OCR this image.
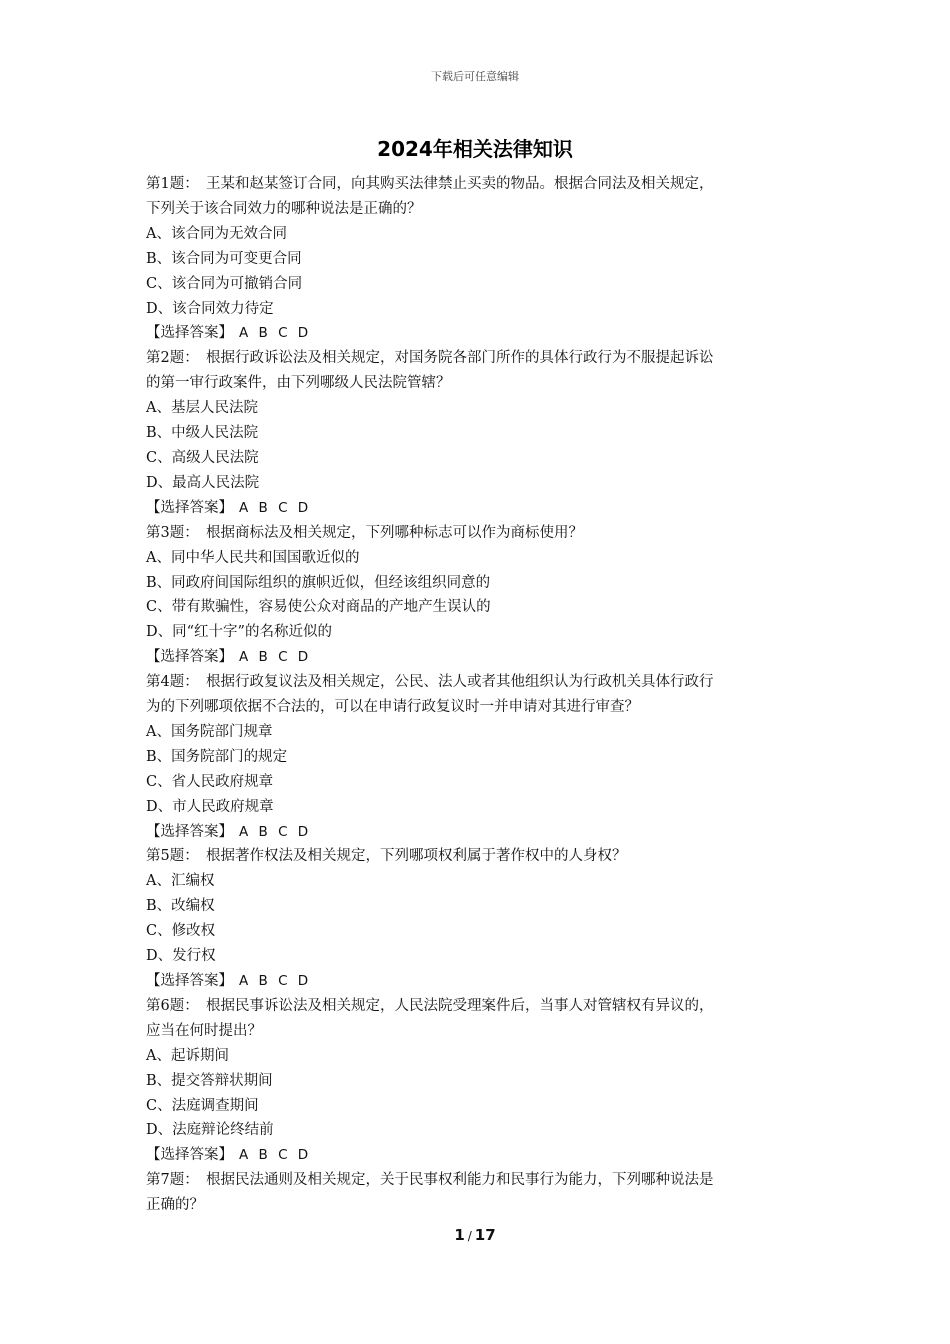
下载后可任意编辑
2024年相关法律知识
第1题：　王某和赵某签订合同，向其购买法律禁止买卖的物品。根据合同法及相关规定，
下列关于该合同效力的哪种说法是正确的？
A、该合同为无效合同
B、该合同为可变更合同
C、该合同为可撤销合同
D、该合同效力待定
【选择答案】 A B C D
第2题：　根据行政诉讼法及相关规定，对国务院各部门所作的具体行政行为不服提起诉讼
的第一审行政案件，由下列哪级人民法院管辖？
A、基层人民法院
B、中级人民法院
C、高级人民法院
D、最高人民法院
【选择答案】 A B C D
第3题：　根据商标法及相关规定，下列哪种标志可以作为商标使用？
A、同中华人民共和国国歌近似的
B、同政府间国际组织的旗帜近似，但经该组织同意的
C、带有欺骗性，容易使公众对商品的产地产生误认的
D、同“红十字”的名称近似的
【选择答案】 A B C D
第4题：　根据行政复议法及相关规定，公民、法人或者其他组织认为行政机关具体行政行
为的下列哪项依据不合法的，可以在申请行政复议时一并申请对其进行审查？
A、国务院部门规章
B、国务院部门的规定
C、省人民政府规章
D、市人民政府规章
【选择答案】 A B C D
第5题：　根据著作权法及相关规定，下列哪项权利属于著作权中的人身权？
A、汇编权
B、改编权
C、修改权
D、发行权
【选择答案】 A B C D
第6题：　根据民事诉讼法及相关规定，人民法院受理案件后，当事人对管辖权有异议的，
应当在何时提出？
A、起诉期间
B、提交答辩状期间
C、法庭调查期间
D、法庭辩论终结前
【选择答案】 A B C D
第7题：　根据民法通则及相关规定，关于民事权利能力和民事行为能力，下列哪种说法是
正确的？
1 / 17
